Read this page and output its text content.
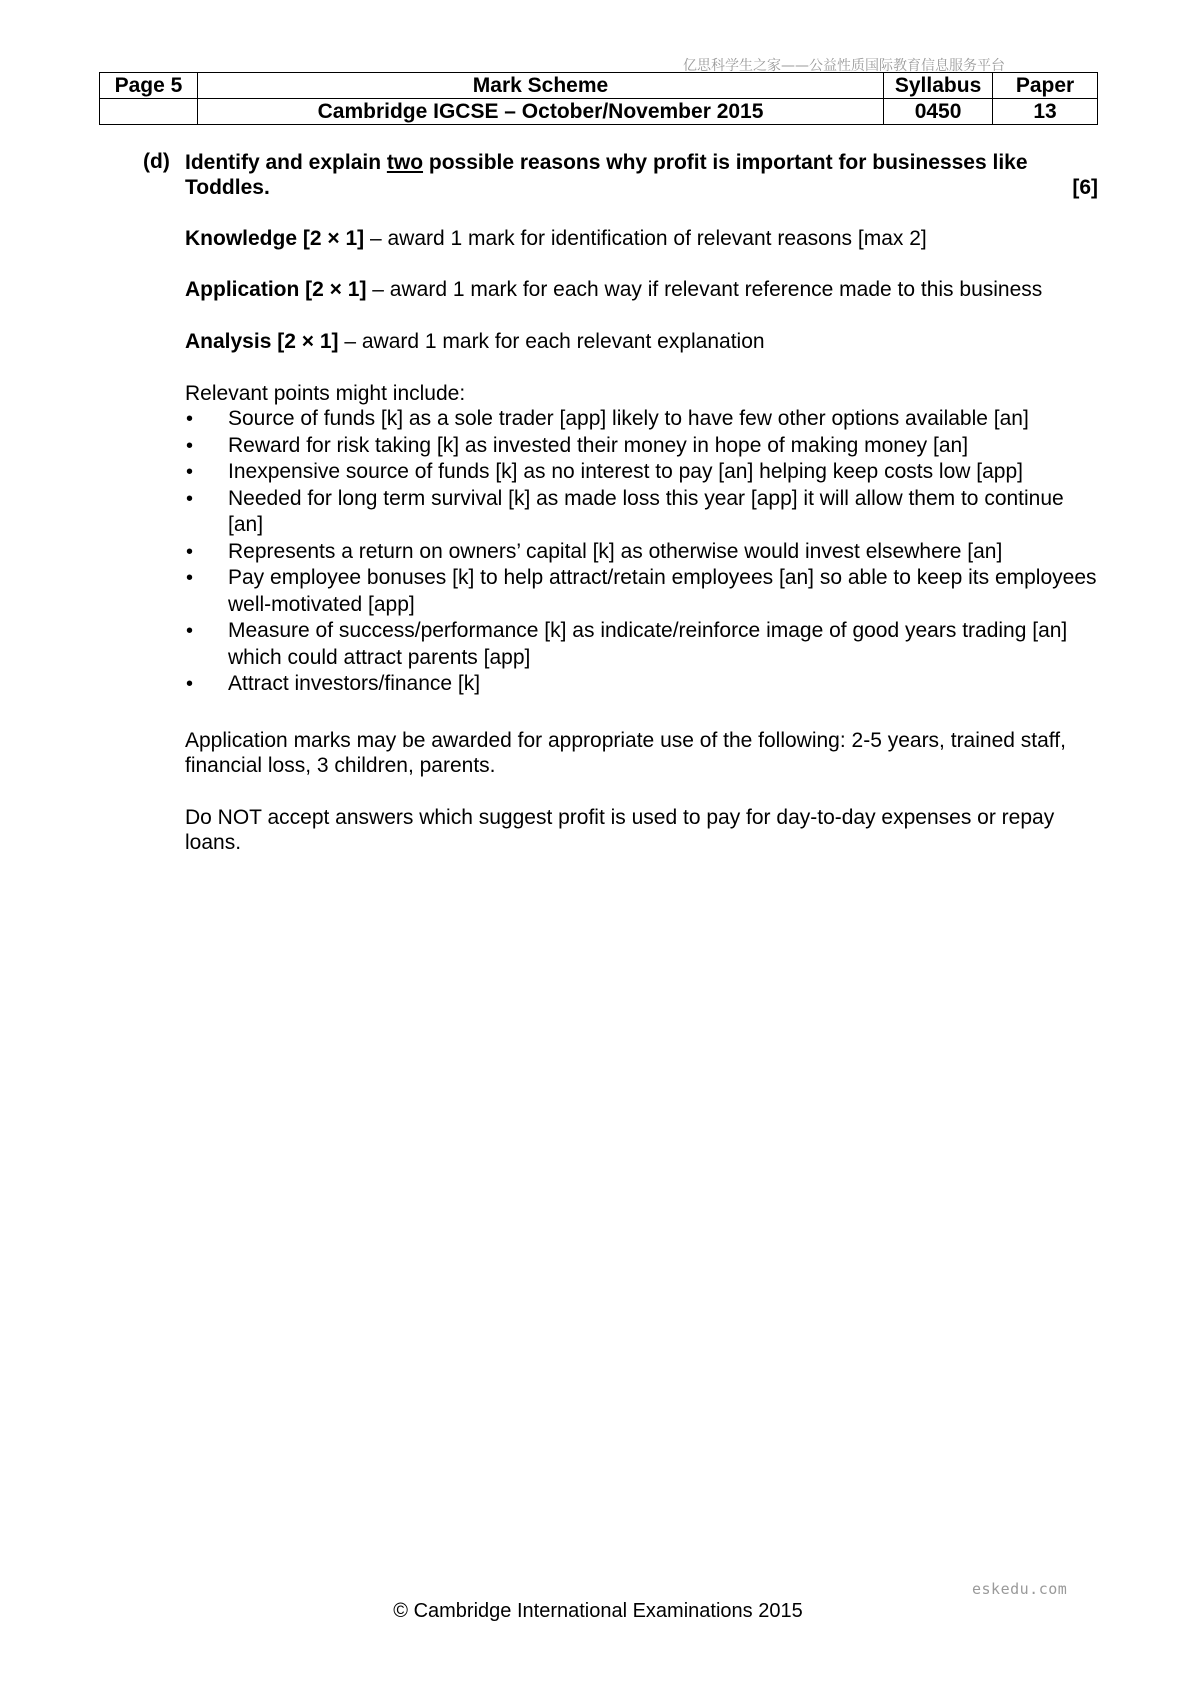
亿思科学生之家——公益性质国际教育信息服务平台
Page 5	Mark Scheme	Syllabus	Paper
	Cambridge IGCSE – October/November 2015	0450	13
(d) Identify and explain two possible reasons why profit is important for businesses like Toddles.	[6]
Knowledge [2 × 1] – award 1 mark for identification of relevant reasons [max 2]
Application [2 × 1] – award 1 mark for each way if relevant reference made to this business
Analysis [2 × 1] – award 1 mark for each relevant explanation
Relevant points might include:
• Source of funds [k] as a sole trader [app] likely to have few other options available [an]
• Reward for risk taking [k] as invested their money in hope of making money [an]
• Inexpensive source of funds [k] as no interest to pay [an] helping keep costs low [app]
• Needed for long term survival [k] as made loss this year [app] it will allow them to continue [an]
• Represents a return on owners’ capital [k] as otherwise would invest elsewhere [an]
• Pay employee bonuses [k] to help attract/retain employees [an] so able to keep its employees well-motivated [app]
• Measure of success/performance [k] as indicate/reinforce image of good years trading [an] which could attract parents [app]
• Attract investors/finance [k]
Application marks may be awarded for appropriate use of the following: 2-5 years, trained staff, financial loss, 3 children, parents.
Do NOT accept answers which suggest profit is used to pay for day-to-day expenses or repay loans.
eskedu.com
© Cambridge International Examinations 2015
